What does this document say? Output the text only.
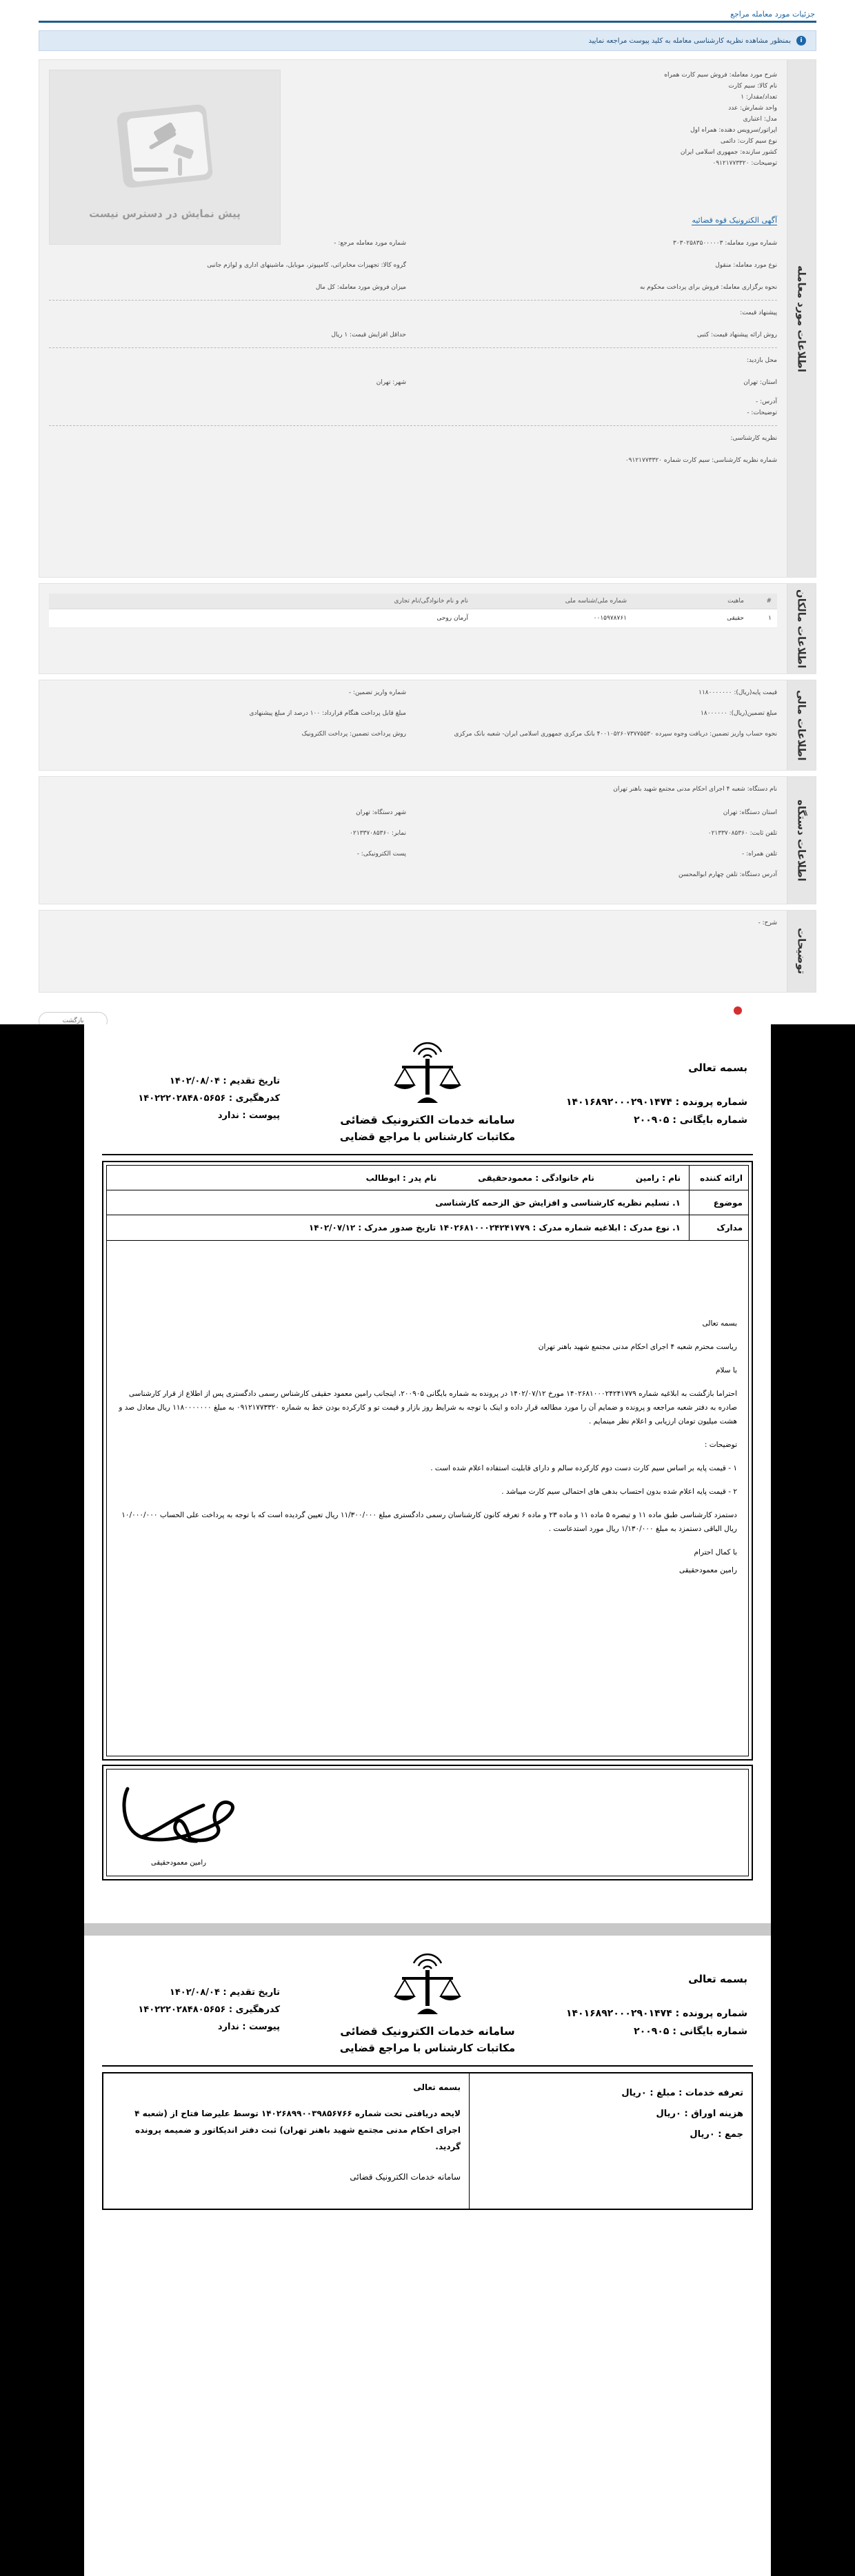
جزئیات مورد معامله مراجع
i
بمنظور مشاهده نظریه کارشناسی معامله به کلید پیوست مراجعه نمایید
اطلاعات مورد معامله
شرح مورد معامله: فروش سیم کارت همراه
نام کالا: سیم کارت
تعداد/مقدار: ۱
واحد شمارش: عدد
مدل: اعتباری
اپراتور/سرویس دهنده: همراه اول
نوع سیم کارت: دائمی
کشور سازنده: جمهوری اسلامی ایران
توضیحات: ۰۹۱۲۱۷۷۳۳۲۰
پیش نمایش در دسترس نیست
آگهی الکترونیک قوه قضائیه
شماره مورد معامله: ۳۰۳۰۲۵۸۳۵۰۰۰۰۰۳
نوع مورد معامله: منقول
نحوه برگزاری معامله: فروش برای پرداخت محکوم به
شماره مورد معامله مرجع: -
گروه کالا: تجهیزات مخابراتی، کامپیوتر، موبایل، ماشینهای اداری و لوازم جانبی
میزان فروش مورد معامله: کل مال
پیشنهاد قیمت:
روش ارائه پیشنهاد قیمت: کتبی
حداقل افزایش قیمت: ۱ ریال
محل بازدید:
استان: تهران
شهر: تهران
آدرس: -
توضیحات: -
نظریه کارشناسی:
شماره نظریه کارشناسی: سیم کارت شماره ۰۹۱۲۱۷۷۳۳۲۰
اطلاعات مالکان
#	ماهیت	شماره ملی/شناسه ملی	نام و نام خانوادگی/نام تجاری
۱	حقیقی	۰۰۱۵۹۷۸۷۶۱	آرمان روحی
اطلاعات مالی
قیمت پایه(ریال): ۱۱۸۰۰۰۰۰۰۰
مبلغ تضمین(ریال): ۱۸۰۰۰۰۰۰
نحوه حساب واریز تضمین: دریافت وجوه سپرده ۴۰۰۱۰۵۲۶۰۷۳۷۷۵۵۳۰ بانک مرکزی جمهوری اسلامی ایران- شعبه بانک مرکزی
شماره واریز تضمین: -
مبلغ قابل پرداخت هنگام قرارداد: ۱۰۰ درصد از مبلغ پیشنهادی
روش پرداخت تضمین: پرداخت الکترونیک
اطلاعات دستگاه
نام دستگاه: شعبه ۴ اجرای احکام مدنی مجتمع شهید باهنر تهران
استان دستگاه: تهران
تلفن ثابت: ۰۲۱۳۳۷۰۸۵۳۶۰
تلفن همراه: -
آدرس دستگاه: تلفن چهارم ابوالمحسن
شهر دستگاه: تهران
نمابر: ۰۲۱۳۳۷۰۸۵۳۶۰
پست الکترونیکی: -
توضیحات
شرح: -
بازگشت
بسمه تعالی
شماره پرونده : ۱۴۰۱۶۸۹۲۰۰۰۲۹۰۱۴۷۴
شماره بایگانی : ۲۰۰۹۰۵
سامانه خدمات الکترونیک قضائی
مکاتبات کارشناس با مراجع قضایی
تاریخ تقدیم : ۱۴۰۲/۰۸/۰۴
کدرهگیری : ۱۴۰۲۲۲۰۲۸۴۸۰۵۶۵۶
پیوست : ندارد
ارائه کننده
نام : رامین
نام خانوادگی : معمودحقیقی
نام پدر : ابوطالب
موضوع
۱. تسلیم نظریه کارشناسی و افزایش حق الزحمه کارشناسی
مدارک
۱. نوع مدرک : ابلاغیه شماره مدرک : ۱۴۰۲۶۸۱۰۰۰۲۴۲۴۱۷۷۹ تاریخ صدور مدرک : ۱۴۰۲/۰۷/۱۲

بسمه تعالی

ریاست محترم شعبه ۴ اجرای احکام مدنی مجتمع شهید باهنر تهران

با سلام

احتراما بازگشت به ابلاغیه شماره ۱۴۰۲۶۸۱۰۰۰۲۴۲۴۱۷۷۹ مورخ ۱۴۰۲/۰۷/۱۲ در پرونده به شماره بایگانی ۲۰۰۹۰۵، اینجانب رامین معمود حقیقی کارشناس رسمی دادگستری پس از اطلاع از قرار کارشناسی صادره به دفتر شعبه مراجعه و پرونده و ضمایم آن را مورد مطالعه قرار داده و اینک با توجه به شرایط روز بازار و قیمت تو و کارکرده بودن خط به شماره ۰۹۱۲۱۷۷۳۳۲۰ به مبلغ ۱۱۸۰۰۰۰۰۰۰ ریال معادل صد و هشت میلیون تومان ارزیابی و اعلام نظر مینمایم .

توضیحات :

۱ - قیمت پایه بر اساس سیم کارت دست دوم کارکرده سالم و دارای قابلیت استفاده اعلام شده است .

۲ - قیمت پایه اعلام شده بدون احتساب بدهی های احتمالی سیم کارت میباشد .

دستمزد کارشناسی طبق ماده ۱۱ و تبصره ۵ ماده ۱۱ و ماده ۲۳ و ماده ۶ تعرفه کانون کارشناسان رسمی دادگستری مبلغ ۱۱/۳۰۰/۰۰۰ ریال تعیین گردیده است که با توجه به پرداخت علی الحساب ۱۰/۰۰۰/۰۰۰ ریال الباقی دستمزد به مبلغ ۱/۱۳۰/۰۰۰ ریال مورد استدعاست .

با کمال احترام

رامین معمودحقیقی

رامین معمودحقیقی
بسمه تعالی
شماره پرونده : ۱۴۰۱۶۸۹۲۰۰۰۲۹۰۱۴۷۴
شماره بایگانی : ۲۰۰۹۰۵
سامانه خدمات الکترونیک قضائی
مکاتبات کارشناس با مراجع قضایی
تاریخ تقدیم : ۱۴۰۲/۰۸/۰۴
کدرهگیری : ۱۴۰۲۲۲۰۲۸۴۸۰۵۶۵۶
پیوست : ندارد
تعرفه خدمات : مبلغ : ۰ریال
هزینه اوراق : ۰ریال
جمع : ۰ریال
بسمه تعالی
لایحه دریافتی تحت شماره ۱۴۰۲۶۸۹۹۰۰۳۹۸۵۶۷۶۶ توسط علیرضا فتاح از (شعبه ۴ اجرای احکام مدنی مجتمع شهید باهنر تهران) ثبت دفتر اندیکاتور و ضمیمه پرونده گردید.
سامانه خدمات الکترونیک قضائی
